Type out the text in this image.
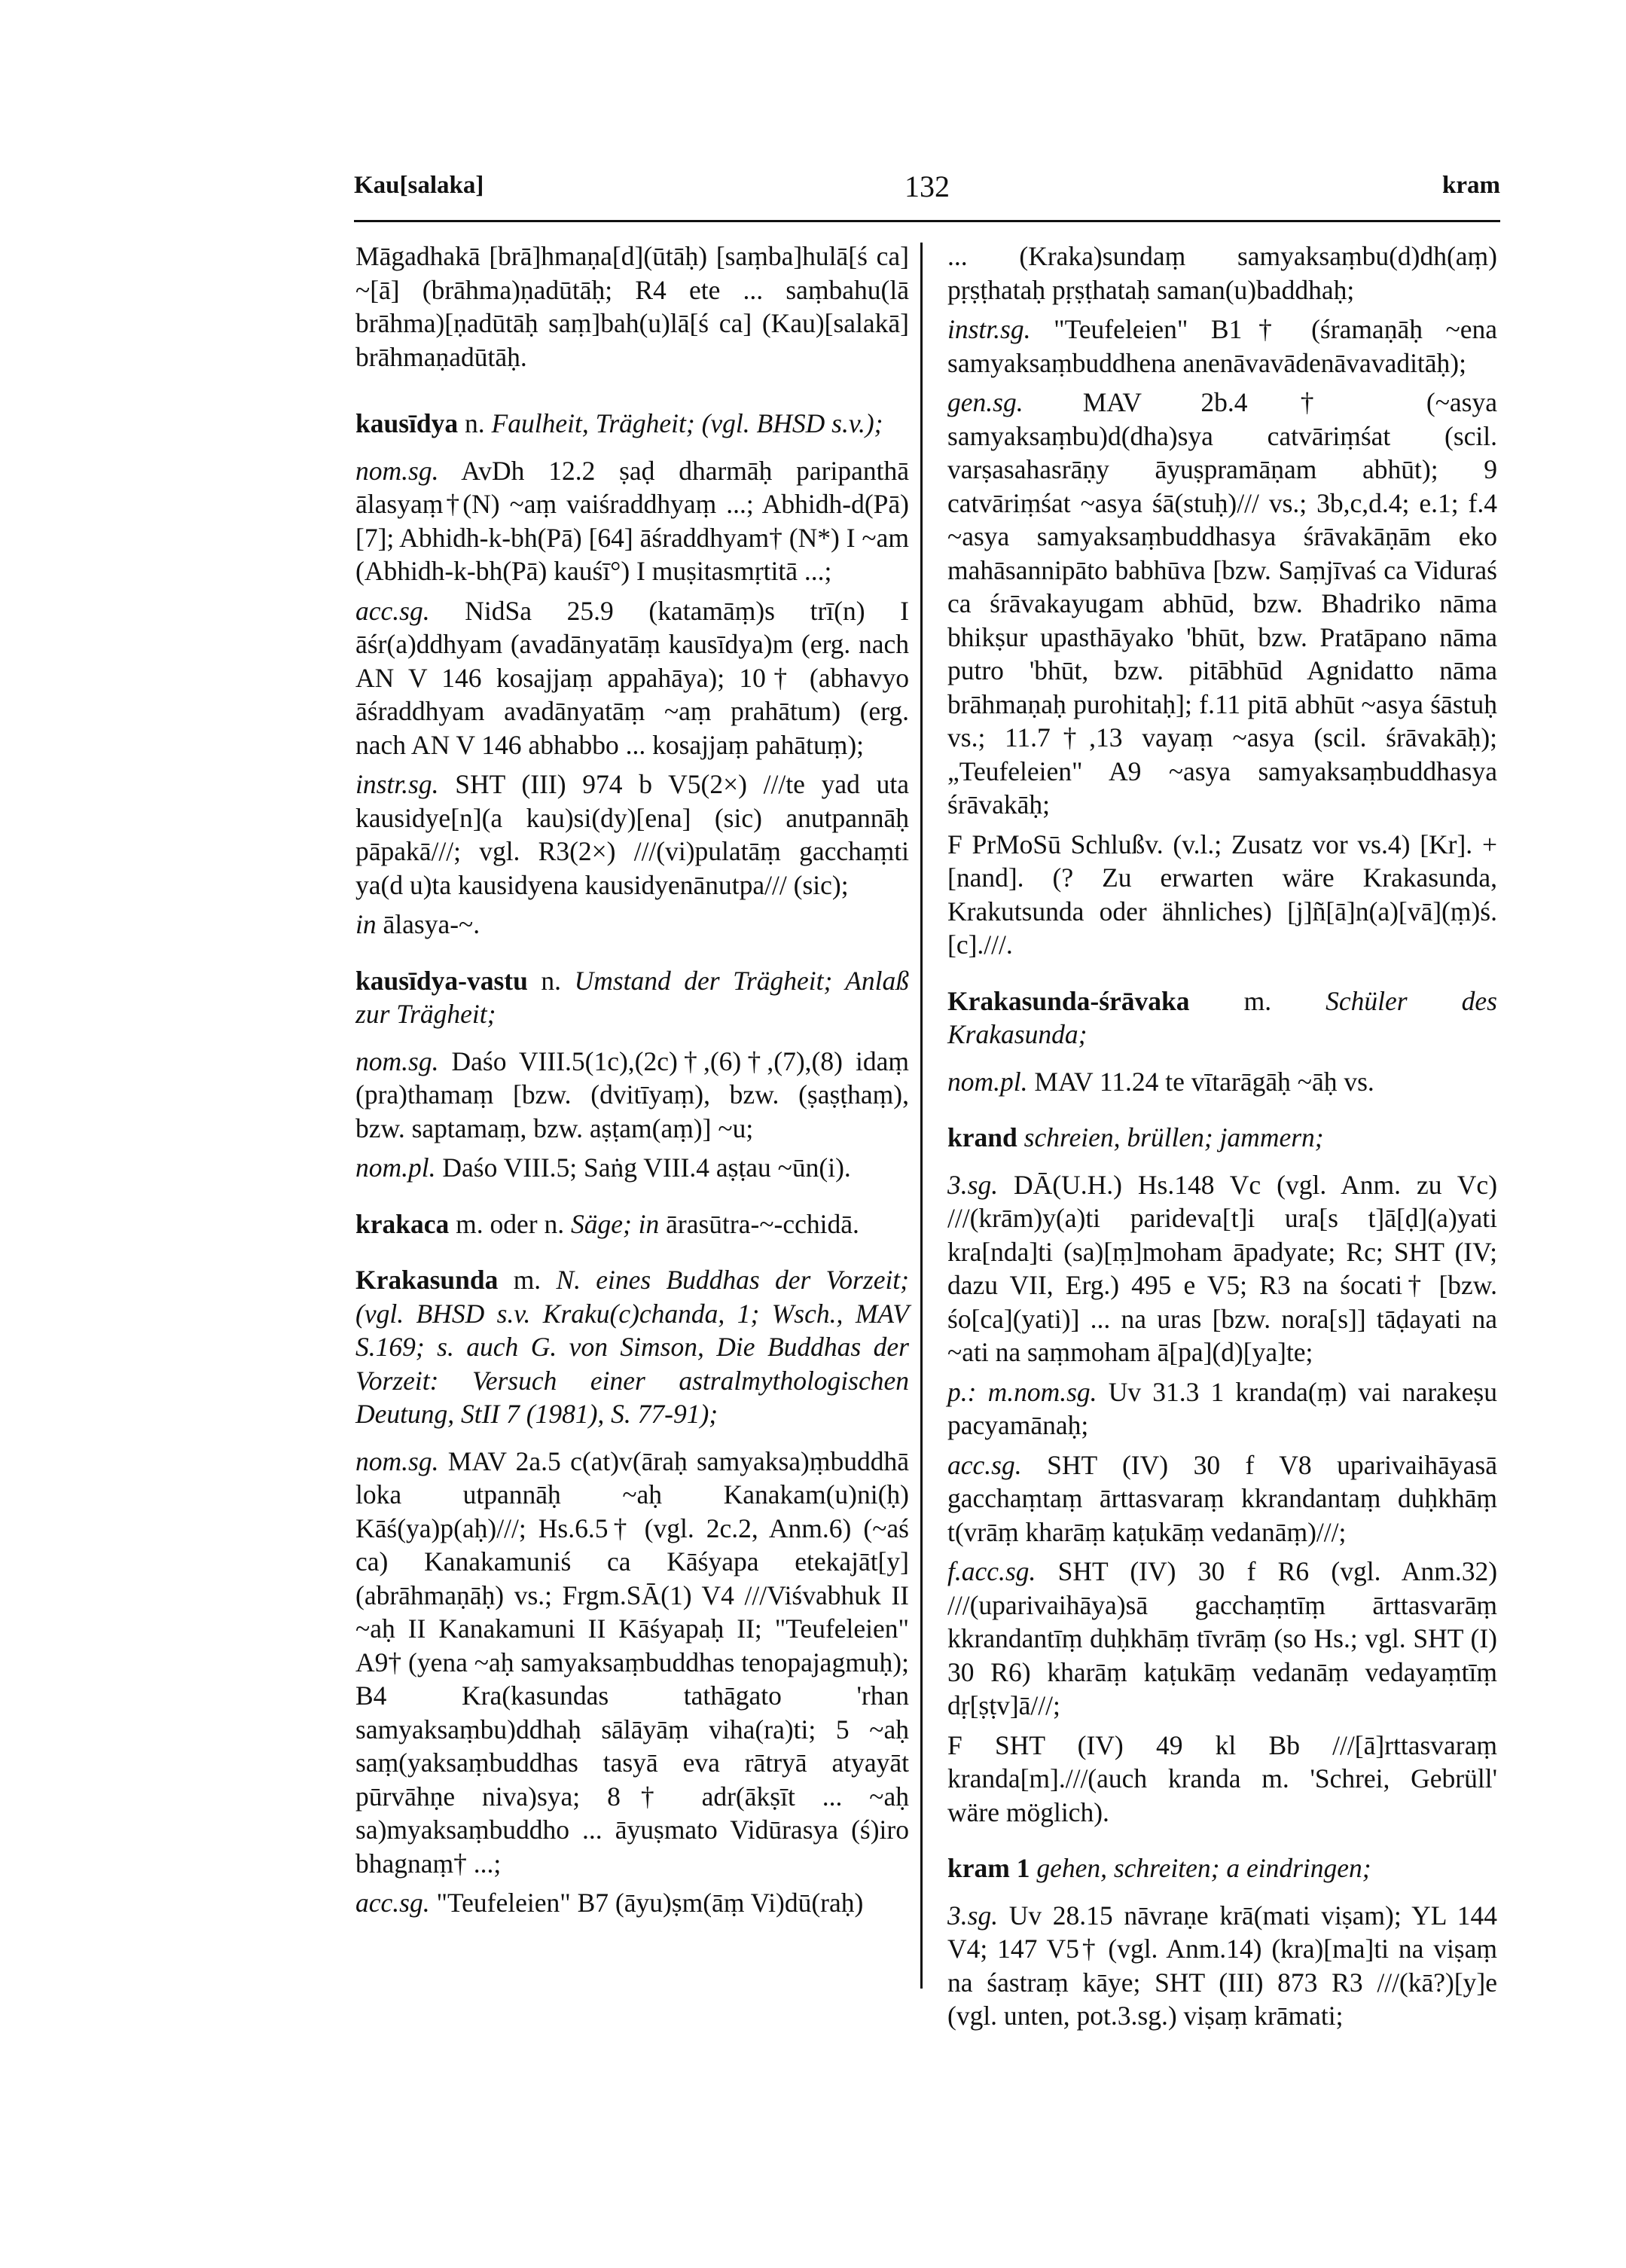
Kau[salaka]	132	kram

Māgadhakā [brā]hmaṇa[d](ūtāḥ) [saṃba]hulā[ś ca] ~[ā] (brāhma)ṇadūtāḥ; R4 ete ... saṃbahu(lā brāhma)[ṇadūtāḥ saṃ]bah(u)lā[ś ca] (Kau)[salakā] brāhmaṇadūtāḥ.

kausīdya n. Faulheit, Trägheit; (vgl. BHSD s.v.);

nom.sg. AvDh 12.2 ṣaḍ dharmāḥ paripanthā ālasyaṃ†(N) ~aṃ vaiśraddhyaṃ ...; Abhidh-d(Pā) [7]; Abhidh-k-bh(Pā) [64] āśraddhyam† (N*) I ~am (Abhidh-k-bh(Pā) kauśī°) I muṣitasmṛtitā ...;

acc.sg. NidSa 25.9 (katamāṃ)s trī(n) I āśr(a)ddhyam (avadānyatāṃ kausīdya)m (erg. nach AN V 146 kosajjaṃ appahāya); 10† (abhavyo āśraddhyam avadānyatāṃ ~aṃ prahātum) (erg. nach AN V 146 abhabbo ... kosajjaṃ pahātuṃ);

instr.sg. SHT (III) 974 b V5(2×) ///te yad uta kausidye[n](a kau)si(dy)[ena] (sic) anutpannāḥ pāpakā///; vgl. R3(2×) ///(vi)pulatāṃ gacchaṃti ya(d u)ta kausidyena kausidyenānutpa/// (sic);

in ālasya-~.

kausīdya-vastu n. Umstand der Trägheit; Anlaß zur Trägheit;

nom.sg. Daśo VIII.5(1c),(2c)†,(6)†,(7),(8) idaṃ (pra)thamaṃ [bzw. (dvitīyaṃ), bzw. (ṣaṣṭhaṃ), bzw. saptamaṃ, bzw. aṣṭam(aṃ)] ~u;

nom.pl. Daśo VIII.5; Saṅg VIII.4 aṣṭau ~ūn(i).

krakaca m. oder n. Säge; in ārasūtra-~-cchidā.

Krakasunda m. N. eines Buddhas der Vorzeit; (vgl. BHSD s.v. Kraku(c)chanda, 1; Wsch., MAV S.169; s. auch G. von Simson, Die Buddhas der Vorzeit: Versuch einer astralmythologischen Deutung, StII 7 (1981), S. 77-91);

nom.sg. MAV 2a.5 c(at)v(āraḥ samyaksa)ṃbuddhā loka utpannāḥ ~aḥ Kanakam(u)ni(ḥ) Kāś(ya)p(aḥ)///; Hs.6.5† (vgl. 2c.2, Anm.6) (~aś ca) Kanakamuniś ca Kāśyapa etekajāt[y](abrāhmaṇāḥ) vs.; Frgm.SĀ(1) V4 ///Viśvabhuk II ~aḥ II Kanakamuni II Kāśyapaḥ II; "Teufeleien" A9† (yena ~aḥ samyaksaṃbuddhas tenopajagmuḥ); B4 Kra(kasundas tathāgato 'rhan samyaksaṃbu)ddhaḥ sālāyāṃ viha(ra)ti; 5 ~aḥ saṃ(yaksaṃbuddhas tasyā eva rātryā atyayāt pūrvāhṇe niva)sya; 8† adr(ākṣīt ... ~aḥ sa)myaksaṃbuddho ... āyuṣmato Vidūrasya (ś)iro bhagnaṃ† ...;

acc.sg. "Teufeleien" B7 (āyu)ṣm(āṃ Vi)dū(raḥ)

... (Kraka)sundaṃ samyaksaṃbu(d)dh(aṃ) pṛṣṭhataḥ pṛṣṭhataḥ saman(u)baddhaḥ;

instr.sg. "Teufeleien" B1† (śramaṇāḥ ~ena samyaksaṃbuddhena anenāvavādenāvavaditāḥ);

gen.sg. MAV 2b.4† (~asya samyaksaṃbu)d(dha)sya catvāriṃśat (scil. varṣasahasrāṇy āyuṣpramāṇam abhūt); 9 catvāriṃśat ~asya śā(stuḥ)/// vs.; 3b,c,d.4; e.1; f.4 ~asya samyaksaṃbuddhasya śrāvakāṇām eko mahāsannipāto babhūva [bzw. Saṃjīvaś ca Viduraś ca śrāvakayugam abhūd, bzw. Bhadriko nāma bhikṣur upasthāyako 'bhūt, bzw. Pratāpano nāma putro 'bhūt, bzw. pitābhūd Agnidatto nāma brāhmaṇaḥ purohitaḥ]; f.11 pitā abhūt ~asya śāstuḥ vs.; 11.7†,13 vayaṃ ~asya (scil. śrāvakāḥ); „Teufeleien" A9 ~asya samyaksaṃbuddhasya śrāvakāḥ;

F PrMoSū Schlußv. (v.l.; Zusatz vor vs.4) [Kr]. + [nand]. (? Zu erwarten wäre Krakasunda, Krakutsunda oder ähnliches) [j]ñ[ā]n(a)[vā](ṃ)ś.[c].///.

Krakasunda-śrāvaka m. Schüler des Krakasunda;

nom.pl. MAV 11.24 te vītarāgāḥ ~āḥ vs.

krand schreien, brüllen; jammern;

3.sg. DĀ(U.H.) Hs.148 Vc (vgl. Anm. zu Vc) ///(krām)y(a)ti parideva[t]i ura[s t]ā[ḍ](a)yati kra[nda]ti (sa)[ṃ]moham āpadyate; Rc; SHT (IV; dazu VII, Erg.) 495 e V5; R3 na śocati† [bzw. śo[ca](yati)] ... na uras [bzw. nora[s]] tāḍayati na ~ati na saṃmoham ā[pa](d)[ya]te;

p.: m.nom.sg. Uv 31.3 1 kranda(ṃ) vai narakeṣu pacyamānaḥ;

acc.sg. SHT (IV) 30 f V8 uparivaihāyasā gacchaṃtaṃ ārttasvaraṃ kkrandantaṃ duḥkhāṃ t(vrāṃ kharāṃ kaṭukāṃ vedanāṃ)///;

f.acc.sg. SHT (IV) 30 f R6 (vgl. Anm.32) ///(uparivaihāya)sā gacchaṃtīṃ ārttasvarāṃ kkrandantīṃ duḥkhāṃ tīvrāṃ (so Hs.; vgl. SHT (I) 30 R6) kharāṃ kaṭukāṃ vedanāṃ vedayaṃtīṃ dṛ[ṣṭv]ā///;

F SHT (IV) 49 kl Bb ///[ā]rttasvaraṃ kranda[m].///(auch kranda m. 'Schrei, Gebrüll' wäre möglich).

kram 1 gehen, schreiten; a eindringen;

3.sg. Uv 28.15 nāvraṇe krā(mati viṣam); YL 144 V4; 147 V5† (vgl. Anm.14) (kra)[ma]ti na viṣaṃ na śastraṃ kāye; SHT (III) 873 R3 ///(kā?)[y]e (vgl. unten, pot.3.sg.) viṣaṃ krāmati;
